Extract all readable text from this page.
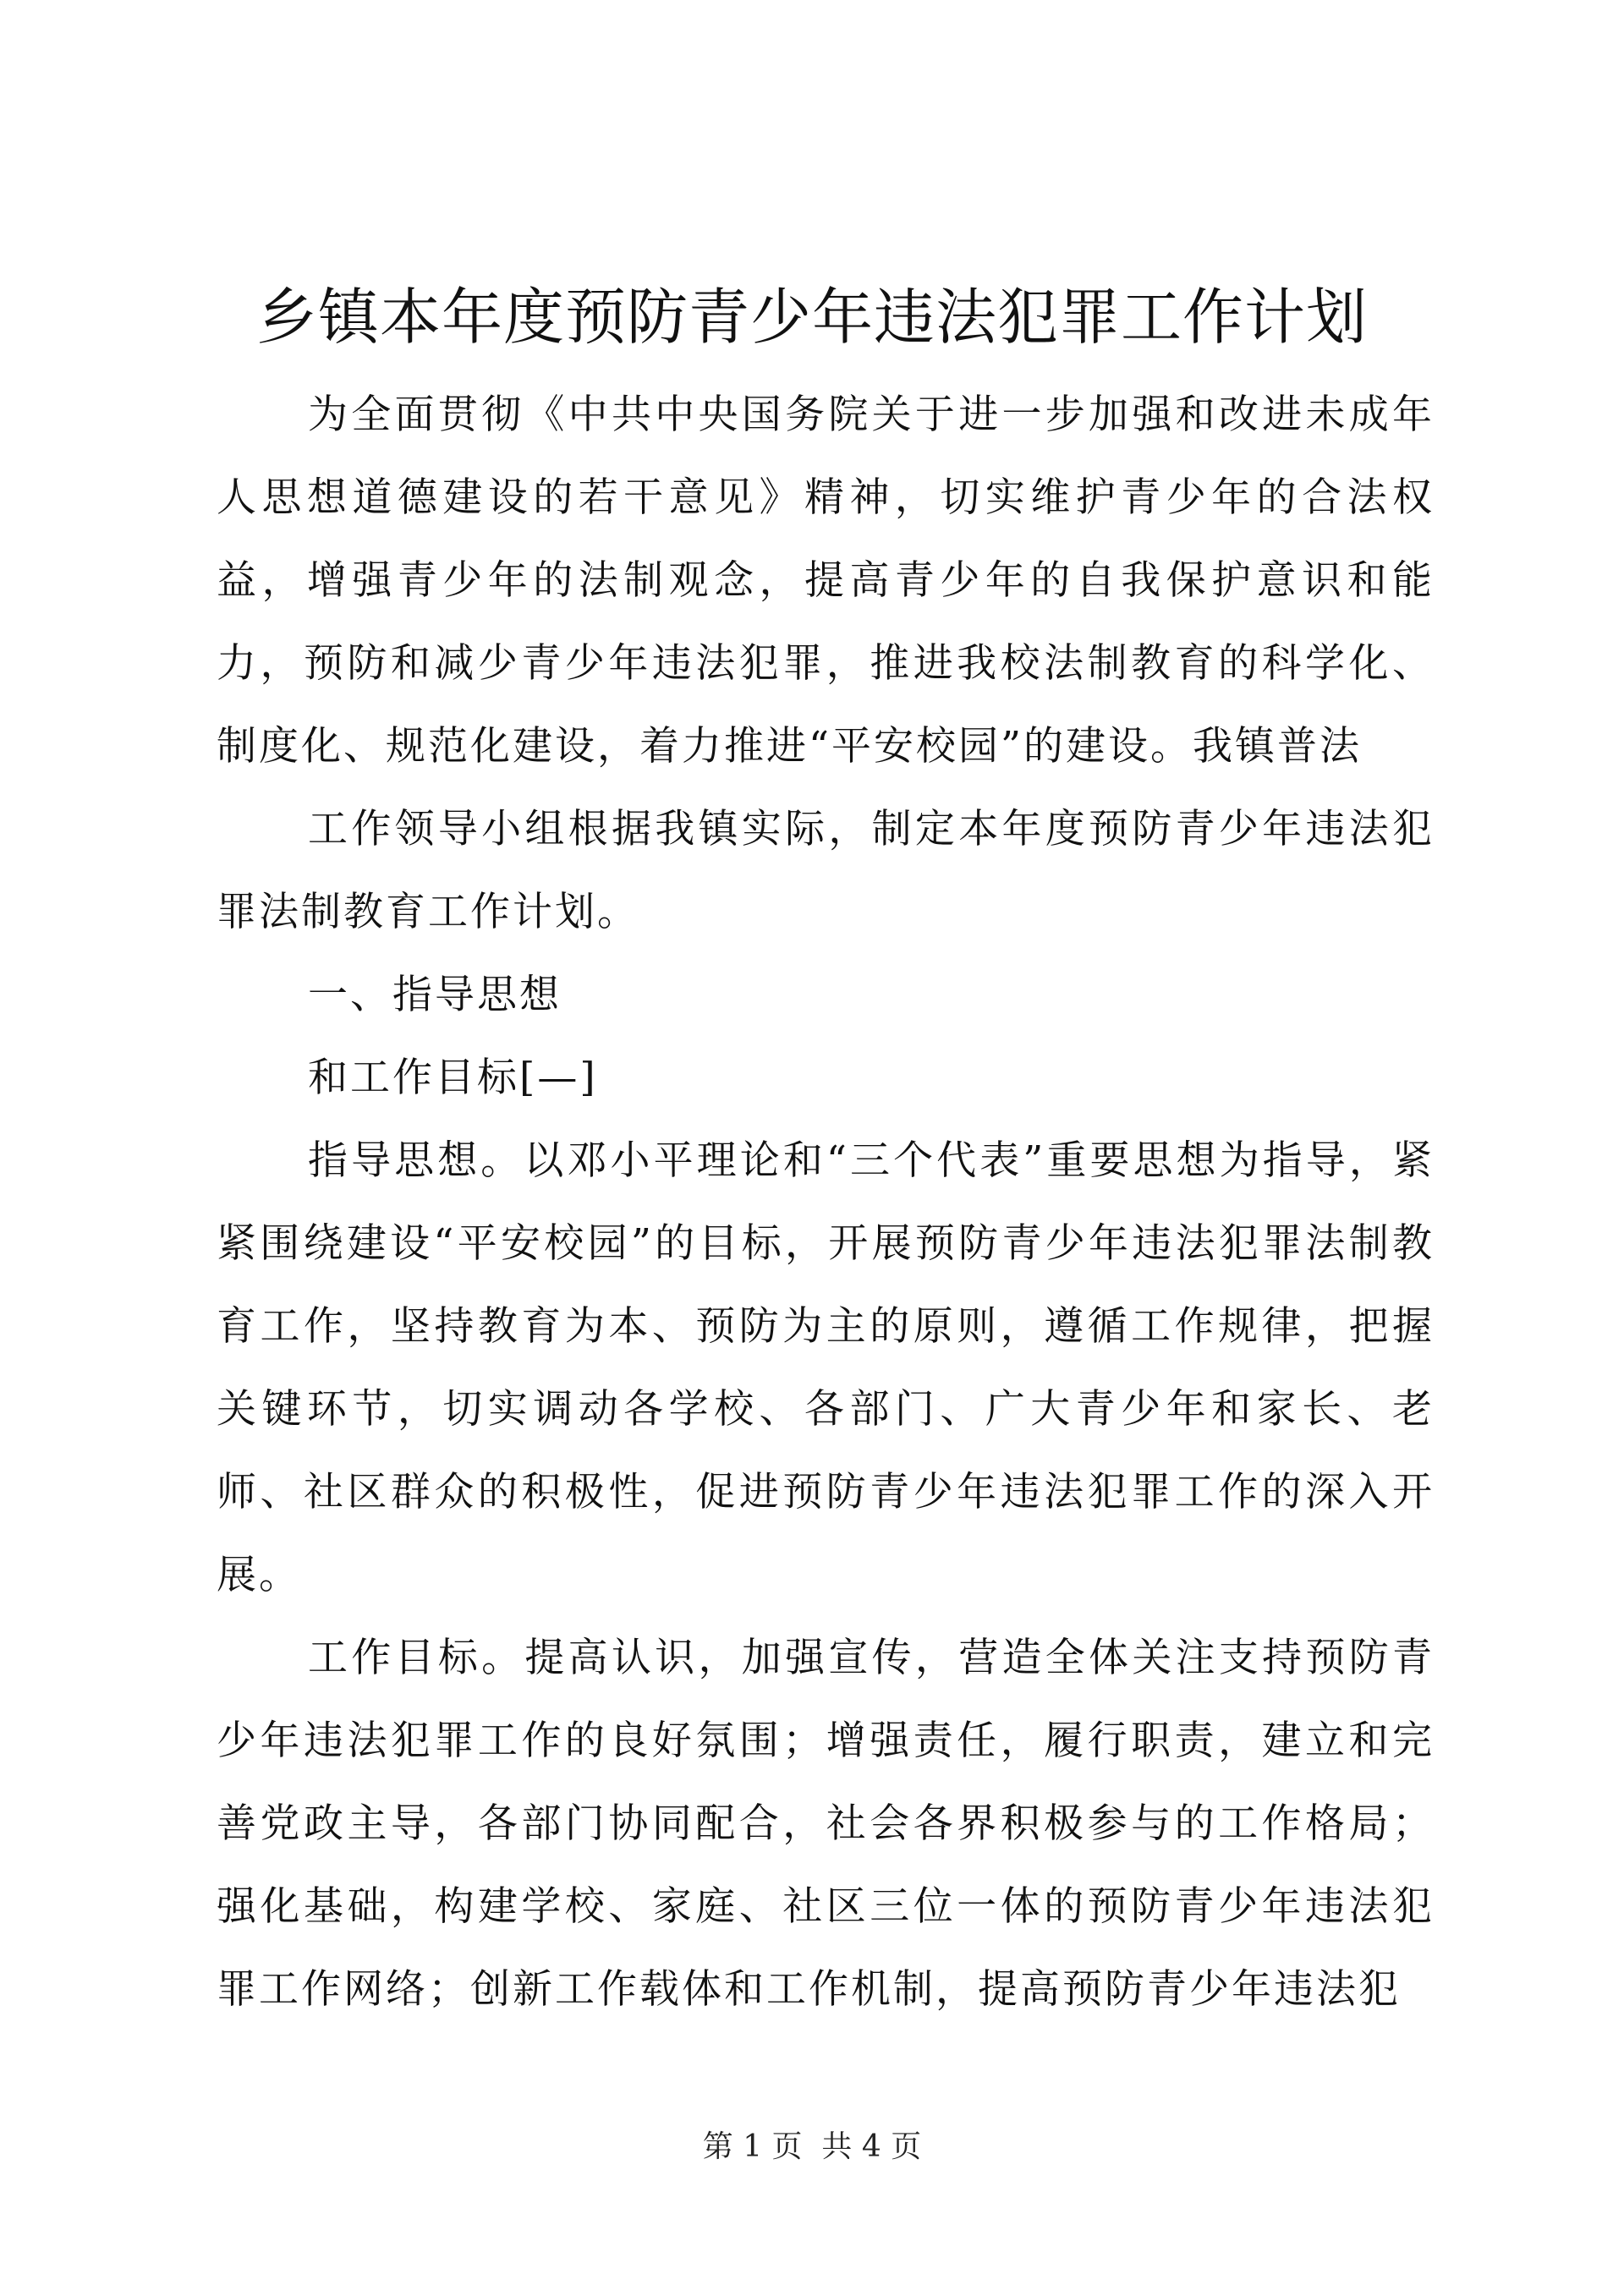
乡镇本年度预防青少年违法犯罪工作计划

为全面贯彻《中共中央国务院关于进一步加强和改进未成年人思想道德建设的若干意见》精神，切实维护青少年的合法权益，增强青少年的法制观念，提高青少年的自我保护意识和能力，预防和减少青少年违法犯罪，推进我校法制教育的科学化、制度化、规范化建设，着力推进“平安校园”的建设。我镇普法

工作领导小组根据我镇实际，制定本年度预防青少年违法犯罪法制教育工作计划。

一、指导思想

和工作目标[—]

指导思想。以邓小平理论和“三个代表”重要思想为指导，紧紧围绕建设“平安校园”的目标，开展预防青少年违法犯罪法制教育工作，坚持教育为本、预防为主的原则，遵循工作规律，把握关键环节，切实调动各学校、各部门、广大青少年和家长、老师、社区群众的积极性，促进预防青少年违法犯罪工作的深入开展。

工作目标。提高认识，加强宣传，营造全体关注支持预防青少年违法犯罪工作的良好氛围；增强责任，履行职责，建立和完善党政主导，各部门协同配合，社会各界积极参与的工作格局；强化基础，构建学校、家庭、社区三位一体的预防青少年违法犯罪工作网络；创新工作载体和工作机制，提高预防青少年违法犯

第 1 页  共 4 页
